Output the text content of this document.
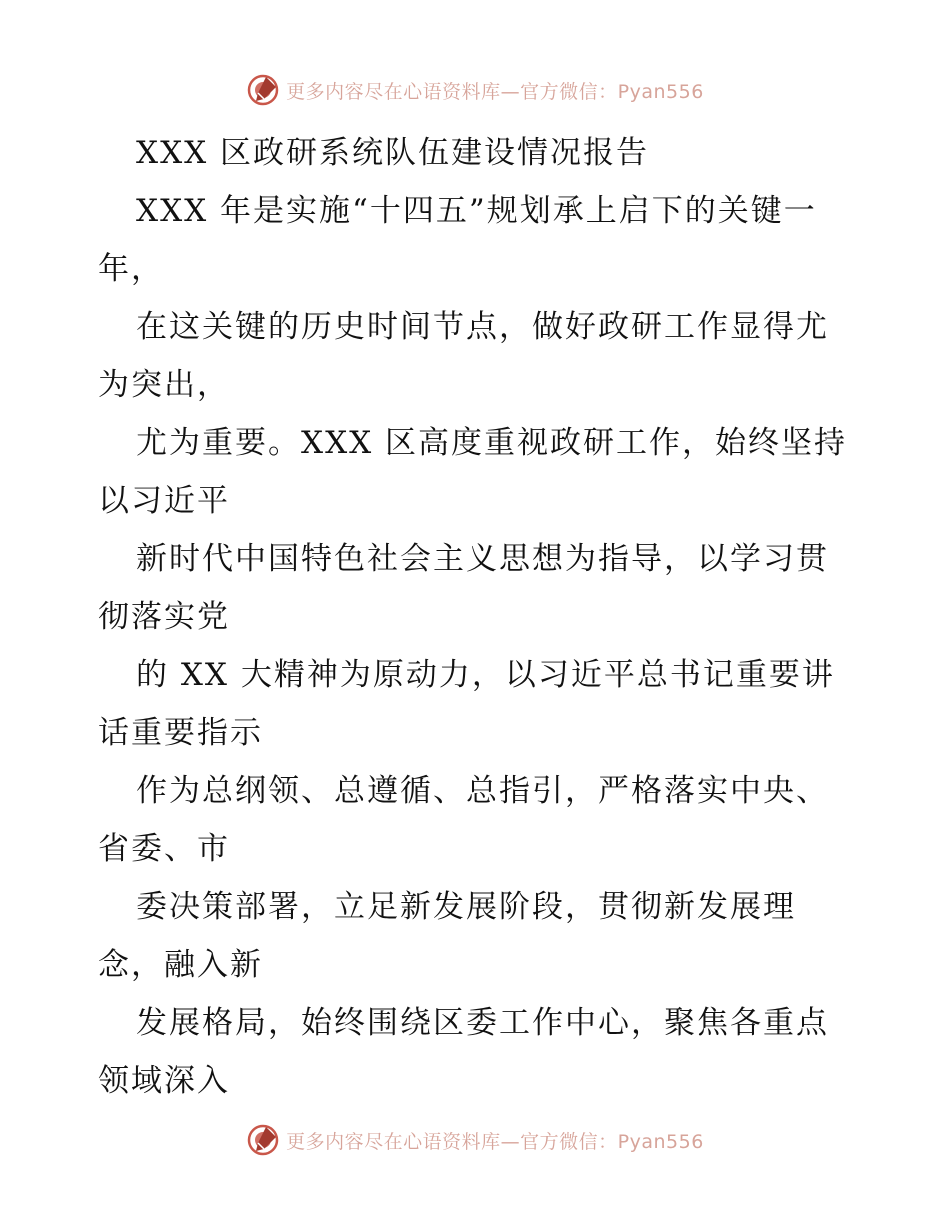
更多内容尽在心语资料库—官方微信：Pyan556
XXX 区政研系统队伍建设情况报告
XXX 年是实施“十四五”规划承上启下的关键一
年，
在这关键的历史时间节点，做好政研工作显得尤
为突出，
尤为重要。XXX 区高度重视政研工作，始终坚持
以习近平
新时代中国特色社会主义思想为指导，以学习贯
彻落实党
的 XX 大精神为原动力，以习近平总书记重要讲
话重要指示
作为总纲领、总遵循、总指引，严格落实中央、
省委、市
委决策部署，立足新发展阶段，贯彻新发展理
念，融入新
发展格局，始终围绕区委工作中心，聚焦各重点
领域深入
更多内容尽在心语资料库—官方微信：Pyan556
